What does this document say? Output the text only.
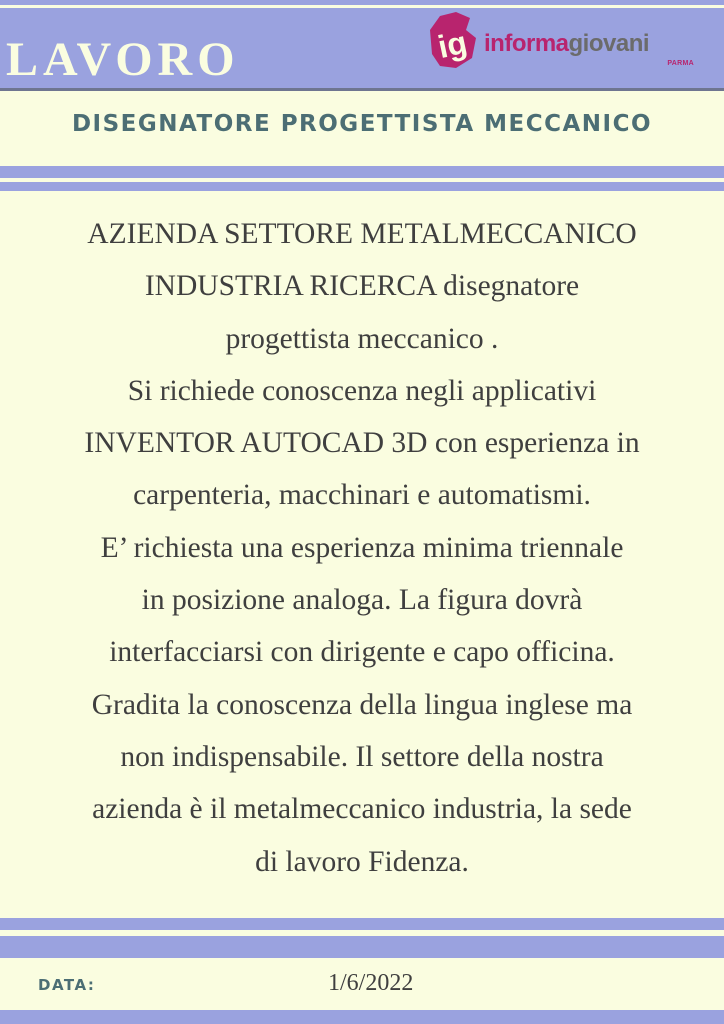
LAVORO	ig informagiovani
PARMA
DISEGNATORE PROGETTISTA MECCANICO

AZIENDA SETTORE METALMECCANICO

INDUSTRIA RICERCA disegnatore

progettista meccanico .

Si richiede conoscenza negli applicativi

INVENTOR AUTOCAD 3D con esperienza in

carpenteria, macchinari e automatismi.

E’ richiesta una esperienza minima triennale

in posizione analoga. La figura dovrà

interfacciarsi con dirigente e capo officina.

Gradita la conoscenza della lingua inglese ma

non indispensabile. Il settore della nostra

azienda è il metalmeccanico industria, la sede

di lavoro Fidenza.

DATA:	1/6/2022
